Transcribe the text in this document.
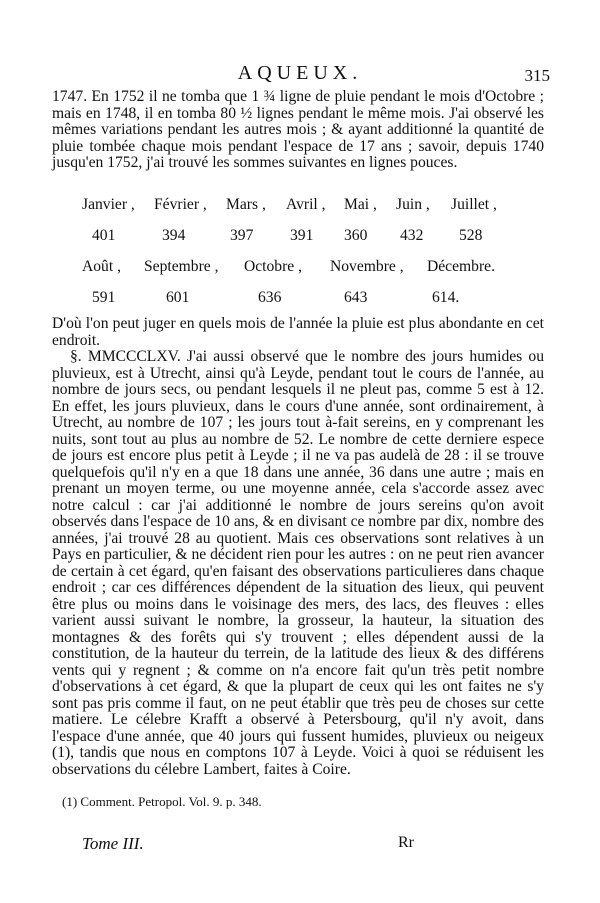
AQUEUX.	315

1747. En 1752 il ne tomba que 1 ¾ ligne de pluie pendant le mois d'Octobre ; mais en 1748, il en tomba 80 ½ lignes pendant le même mois. J'ai observé les mêmes variations pendant les autres mois ; & ayant additionné la quantité de pluie tombée chaque mois pendant l'espace de 17 ans ; savoir, depuis 1740 jusqu'en 1752, j'ai trouvé les sommes suivantes en lignes pouces.

Janvier , Février , Mars , Avril , Mai , Juin , Juillet ,
401	394	397 391 360 432 528
Août , Septembre , Octobre , Novembre , Décembre.
591	601	636	643	614.

D'où l'on peut juger en quels mois de l'année la pluie est plus abondante en cet endroit.

§. MMCCCLXV. J'ai aussi observé que le nombre des jours humides ou pluvieux, est à Utrecht, ainsi qu'à Leyde, pendant tout le cours de l'année, au nombre de jours secs, ou pendant lesquels il ne pleut pas, comme 5 est à 12. En effet, les jours pluvieux, dans le cours d'une année, sont ordinairement, à Utrecht, au nombre de 107 ; les jours tout à-fait sereins, en y comprenant les nuits, sont tout au plus au nombre de 52. Le nombre de cette derniere espece de jours est encore plus petit à Leyde ; il ne va pas audelà de 28 : il se trouve quelquefois qu'il n'y en a que 18 dans une année, 36 dans une autre ; mais en prenant un moyen terme, ou une moyenne année, cela s'accorde assez avec notre calcul : car j'ai additionné le nombre de jours sereins qu'on avoit observés dans l'espace de 10 ans, & en divisant ce nombre par dix, nombre des années, j'ai trouvé 28 au quotient. Mais ces observations sont relatives à un Pays en particulier, & ne décident rien pour les autres : on ne peut rien avancer de certain à cet égard, qu'en faisant des observations particulieres dans chaque endroit ; car ces différences dépendent de la situation des lieux, qui peuvent être plus ou moins dans le voisinage des mers, des lacs, des fleuves : elles varient aussi suivant le nombre, la grosseur, la hauteur, la situation des montagnes & des forêts qui s'y trouvent ; elles dépendent aussi de la constitution, de la hauteur du terrein, de la latitude des lieux & des différens vents qui y regnent ; & comme on n'a encore fait qu'un très petit nombre d'observations à cet égard, & que la plupart de ceux qui les ont faites ne s'y sont pas pris comme il faut, on ne peut établir que très peu de choses sur cette matiere. Le célebre Krafft a observé à Petersbourg, qu'il n'y avoit, dans l'espace d'une année, que 40 jours qui fussent humides, pluvieux ou neigeux (1), tandis que nous en comptons 107 à Leyde. Voici à quoi se réduisent les observations du célebre Lambert, faites à Coire.

(1) Comment. Petropol. Vol. 9. p. 348.
Tome III.	Rr
